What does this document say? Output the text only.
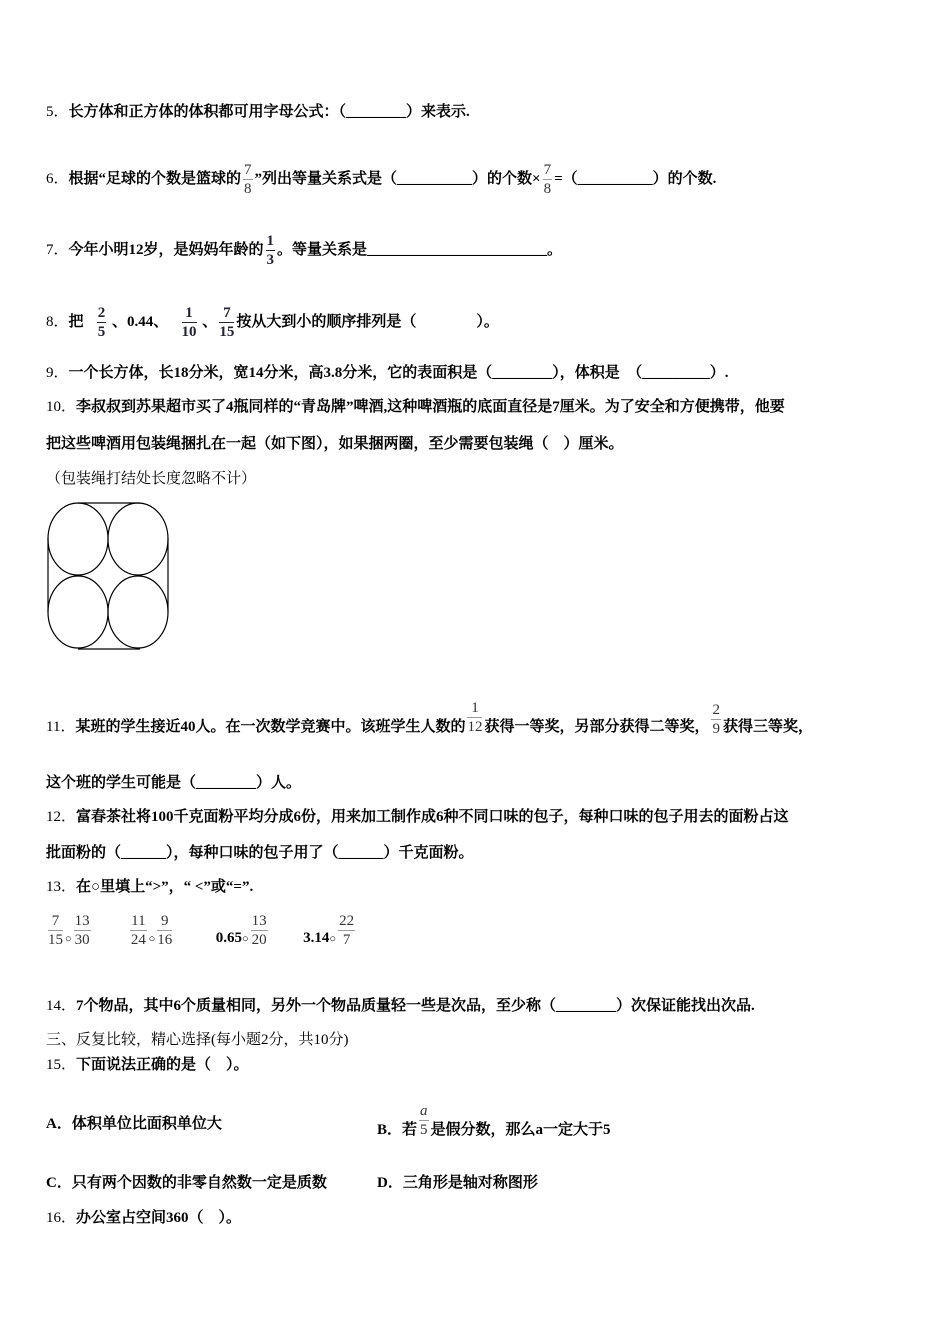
5．长方体和正方体的体积都可用字母公式：（________）来表示.
6．根据“足球的个数是篮球的 $\frac{7}{8}$ ”列出等量关系式是（__________）的个数× $\frac{7}{8}$ =（__________）的个数.
7．今年小明12岁，是妈妈年龄的 $\frac{1}{3}$ 。等量关系是________________________。
8．把 $\frac{2}{5}$ 、0.44、 $\frac{1}{10}$ 、 $\frac{7}{15}$ 按从大到小的顺序排列是（　　　　）。
9．一个长方体，长18分米，宽14分米，高3.8分米，它的表面积是（________），体积是　（_________）.
10．李叔叔到苏果超市买了4瓶同样的“青岛牌”啤酒,这种啤酒瓶的底面直径是7厘米。为了安全和方便携带，他要
把这些啤酒用包装绳捆扎在一起（如下图），如果捆两圈，至少需要包装绳（　）厘米。
（包装绳打结处长度忽略不计）
11．某班的学生接近40人。在一次数学竞赛中。该班学生人数的 $\frac{1}{12}$ 获得一等奖，另部分获得二等奖， $\frac{2}{9}$ 获得三等奖，
这个班的学生可能是（________）人。
12．富春茶社将100千克面粉平均分成6份，用来加工制作成6种不同口味的包子，每种口味的包子用去的面粉占这
批面粉的（______），每种口味的包子用了（______）千克面粉。
13．在○里填上“>”，“ <”或“=”.
$\frac{7}{15} _○ \frac{13}{30}$
	$\frac{11}{24} _○ \frac{9}{16}$	$0.65_○ \frac{13}{20} 3.14_○ \frac{22}{7}$
14．7个物品，其中6个质量相同，另外一个物品质量轻一些是次品，至少称（________）次保证能找出次品.
三、反复比较，精心选择(每小题2分，共10分)
15．下面说法正确的是（　）。
A．体积单位比面积单位大	B．若 $\frac{a}{5}$ 是假分数，那么a一定大于5
C．只有两个因数的非零自然数一定是质数	D．三角形是轴对称图形
16．办公室占空间360（　）。
